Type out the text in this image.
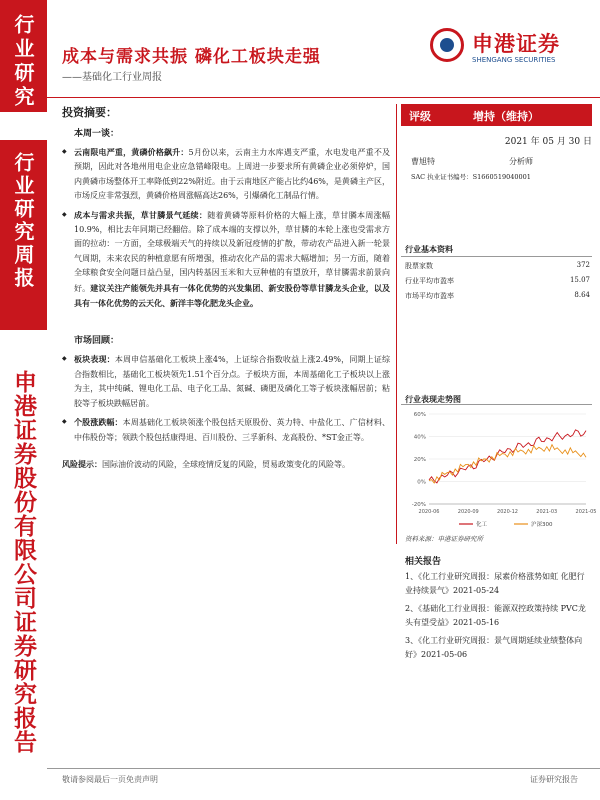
行业研究
行业研究周报
申港证券股份有限公司证券研究报告
成本与需求共振 磷化工板块走强
——基础化工行业周报
申港证券
SHENGANG SECURITIES
投资摘要：
本周一谈：

◆ 云南限电严重，黄磷价格飙升：5月份以来，云南主力水库遇支严重，水电发电严重不及预期，因此对各地州用电企业应急错峰限电。上周进一步要求所有黄磷企业必须停炉，国内黄磷市场整体开工率降低到22%附近。由于云南地区产能占比约46%，是黄磷主产区，市场反应非常强烈，黄磷价格周涨幅高达26%，引爆磷化工制品行情。

◆ 成本与需求共振，草甘膦景气延续：随着黄磷等原料价格的大幅上涨，草甘膦本周涨幅10.9%，相比去年同期已经翻倍。除了成本端的支撑以外，草甘膦的本轮上涨也受需求方面的拉动：一方面，全球极端天气的持续以及新冠疫情的扩散，带动农产品进入新一轮景气周期，未来农民的种植意愿有所增强，推动农化产品的需求大幅增加；另一方面，随着全球粮食安全问题日益凸显，国内转基因玉米和大豆种植的有望放开，草甘膦需求前景向好。建议关注产能领先并具有一体化优势的兴发集团、新安股份等草甘膦龙头企业，以及具有一体化优势的云天化、新洋丰等化肥龙头企业。

市场回顾：

◆ 板块表现：本周申信基础化工板块上涨4%，上证综合指数收益上涨2.49%，同期上证综合指数相比，基础化工板块领先1.51个百分点。子板块方面，本周基础化工子板块以上涨为主，其中纯碱、锂电化工品、电子化工品、氮碱、磷肥及磷化工等子板块涨幅居前；粘胶等子板块跌幅居前。

◆ 个股涨跌幅：本周基础化工板块领涨个股包括天原股份、英力特、中盐化工、广信材料、中伟股份等；领跌个股包括康得退、百川股份、三孚新科、龙高股份、*ST金正等。

风险提示：国际油价波动的风险，全球疫情反复的风险，贸易政策变化的风险等。

评级	增持（维持）
2021 年 05 月 30 日
曹旭特	分析师
SAC 执业证书编号：S1660519040001
行业基本资料
股票家数	372
行业平均市盈率	15.07
市场平均市盈率	8.64
行业表现走势图
60%
40%
20%
0%
-20%
2020-06	2020-09	2020-12	2021-03	2021-05
化工	沪深300
资料来源：申港证券研究所
相关报告
1、《化工行业研究周报：尿素价格涨势如虹 化肥行业持续景气》2021-05-24
2、《基础化工行业周报：能源双控政策持续 PVC龙头有望受益》2021-05-16
3、《化工行业研究周报：景气周期延续业绩整体向好》2021-05-06
敬请参阅最后一页免责声明	证券研究报告
